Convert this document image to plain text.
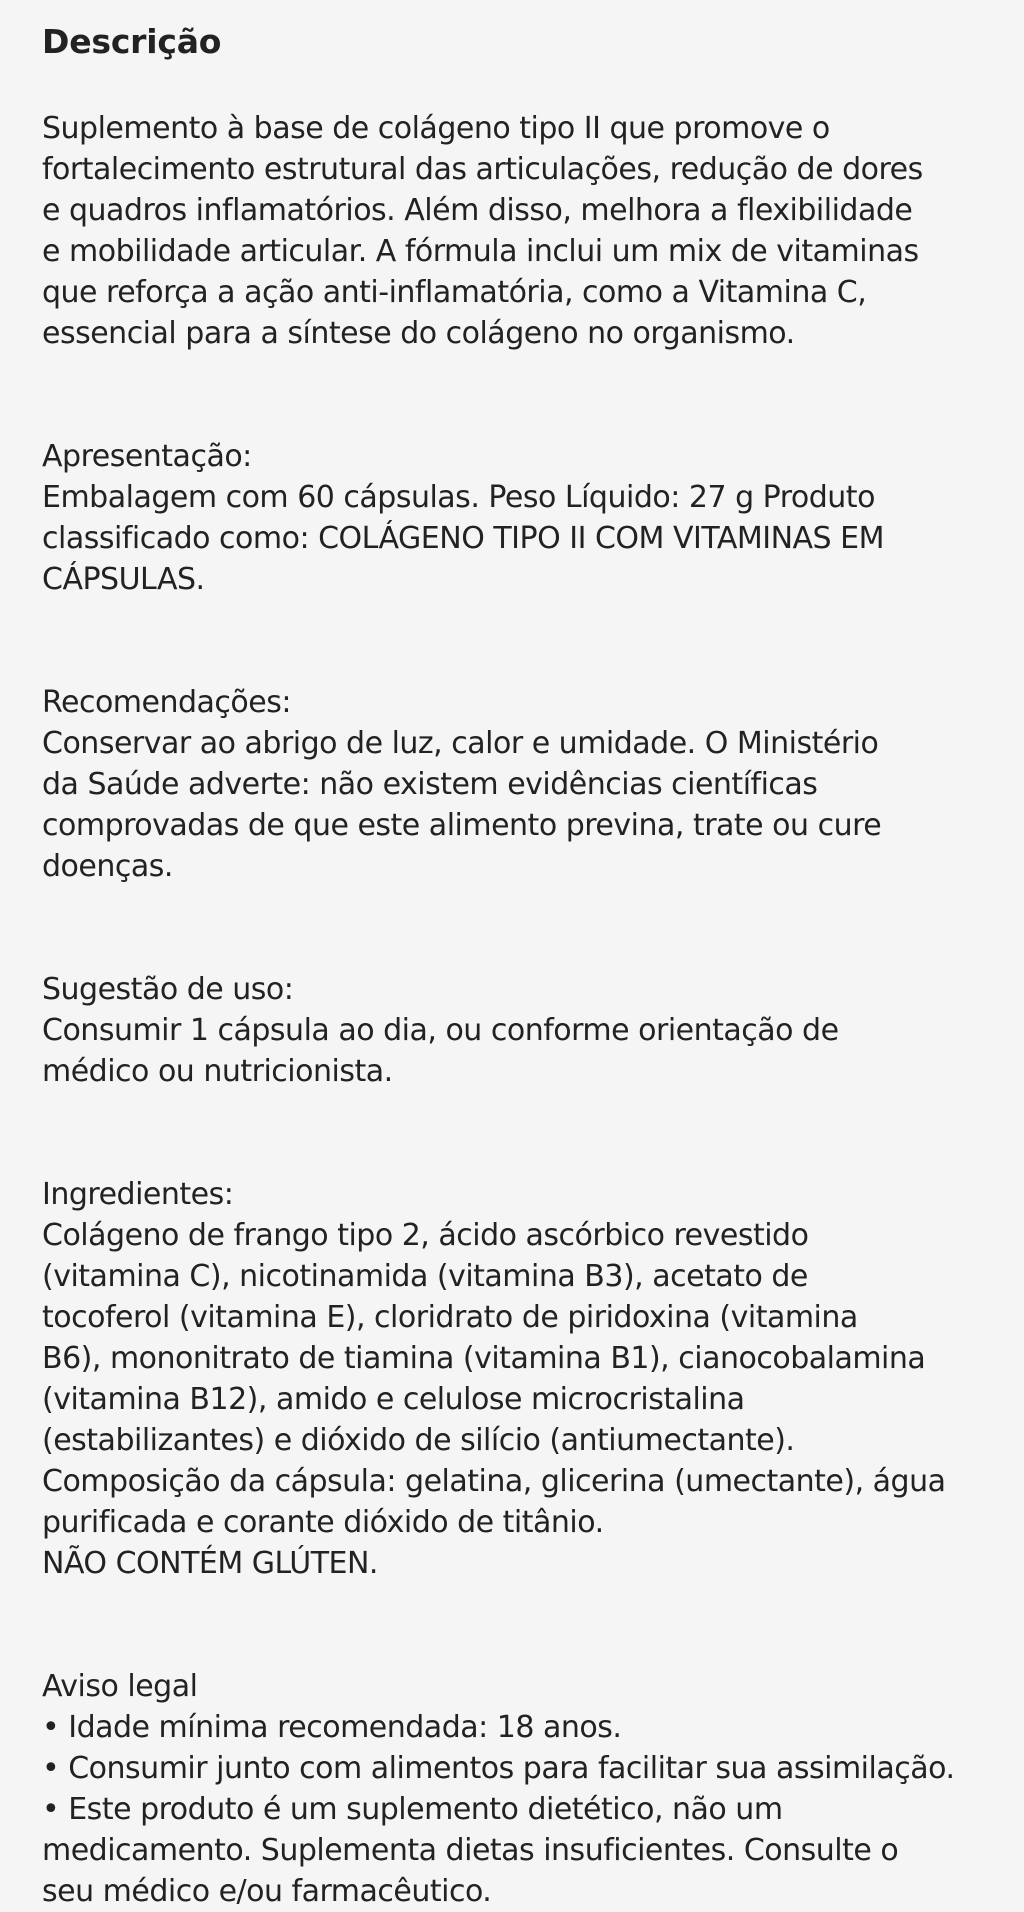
Descrição

Suplemento à base de colágeno tipo II que promove o
fortalecimento estrutural das articulações, redução de dores
e quadros inflamatórios. Além disso, melhora a flexibilidade
e mobilidade articular. A fórmula inclui um mix de vitaminas
que reforça a ação anti-inflamatória, como a Vitamina C,
essencial para a síntese do colágeno no organismo.

Apresentação:
Embalagem com 60 cápsulas. Peso Líquido: 27 g Produto
classificado como: COLÁGENO TIPO II COM VITAMINAS EM
CÁPSULAS.

Recomendações:
Conservar ao abrigo de luz, calor e umidade. O Ministério
da Saúde adverte: não existem evidências científicas
comprovadas de que este alimento previna, trate ou cure
doenças.

Sugestão de uso:
Consumir 1 cápsula ao dia, ou conforme orientação de
médico ou nutricionista.

Ingredientes:
Colágeno de frango tipo 2, ácido ascórbico revestido
(vitamina C), nicotinamida (vitamina B3), acetato de
tocoferol (vitamina E), cloridrato de piridoxina (vitamina
B6), mononitrato de tiamina (vitamina B1), cianocobalamina
(vitamina B12), amido e celulose microcristalina
(estabilizantes) e dióxido de silício (antiumectante).
Composição da cápsula: gelatina, glicerina (umectante), água
purificada e corante dióxido de titânio.
NÃO CONTÉM GLÚTEN.

Aviso legal
• Idade mínima recomendada: 18 anos.
• Consumir junto com alimentos para facilitar sua assimilação.
• Este produto é um suplemento dietético, não um
medicamento. Suplementa dietas insuficientes. Consulte o
seu médico e/ou farmacêutico.
